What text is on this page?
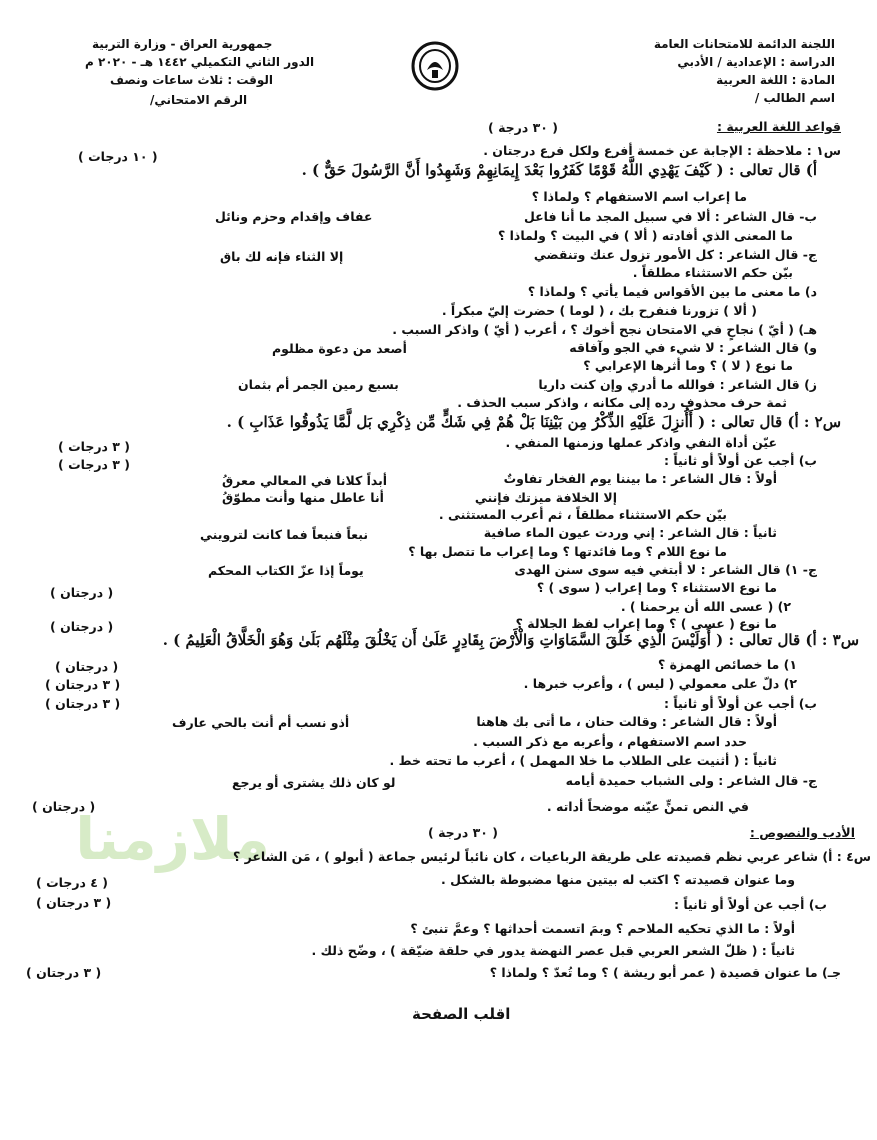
اللجنة الدائمة للامتحانات العامة
الدراسة : الإعدادية / الأدبي
المادة : اللغة العربية
اسم الطالب /
جمهورية العراق - وزارة التربية
الدور الثاني التكميلي ١٤٤٢ هـ - ٢٠٢٠ م
الوقت : ثلاث ساعات ونصف
الرقم الامتحاني/
قواعد اللغة العربية :
( ٣٠ درجة )
س١ : ملاحظة : الإجابة عن خمسة أفرع ولكل فرع درجتان .
( ١٠ درجات )
أ) قال تعالى : ( كَيْفَ يَهْدِي اللَّهُ قَوْمًا كَفَرُوا بَعْدَ إِيمَانِهِمْ وَشَهِدُوا أَنَّ الرَّسُولَ حَقٌّ ) .
ما إعراب اسم الاستفهام ؟ ولماذا ؟
ب- قال الشاعر : ألا في سبيل المجد ما أنا فاعل
عفاف وإقدام وحزم ونائل
ما المعنى الذي أفادته ( ألا ) في البيت ؟ ولماذا ؟
ج- قال الشاعر : كل الأمور تزول عنك وتنقضي
إلا الثناء فإنه لك باق
بيّن حكم الاستثناء مطلقاً .
د) ما معنى ما بين الأقواس فيما يأتي ؟ ولماذا ؟
( ألا ) تزورنا فنفرح بك ، ( لوما ) حضرت إليّ مبكراً .
هـ) ( أيّ ) نجاحٍ في الامتحان نجح أخوك ؟ ، أعرب ( أيّ ) واذكر السبب .
و) قال الشاعر : لا شيء في الجو وآفاقه
أصعد من دعوة مظلوم
ما نوع ( لا ) ؟ وما أثرها الإعرابي ؟
ز) قال الشاعر : فوالله ما أدري وإن كنت داريا
بسبع رمين الجمر أم بثمان
ثمة حرف محذوف رده إلى مكانه ، واذكر سبب الحذف .
س٢ : أ) قال تعالى : ( أَأُنزِلَ عَلَيْهِ الذِّكْرُ مِن بَيْنِنَا بَلْ هُمْ فِي شَكٍّ مِّن ذِكْرِي بَل لَّمَّا يَذُوقُوا عَذَابِ ) .
عيّن أداة النفي واذكر عملها وزمنها المنفي .
( ٣ درجات )
ب) أجب عن أولاً أو ثانياً :
( ٣ درجات )
أولاً : قال الشاعر : ما بيننا يوم الفخار تفاوتٌ
أبداً كلانا في المعالي معرقُ
إلا الخلافة ميزتك فإنني
أنا عاطل منها وأنت مطوّقُ
بيّن حكم الاستثناء مطلقاً ، ثم أعرب المستثنى .
ثانياً : قال الشاعر : إني وردت عيون الماء صافية
نبعاً فنبعاً فما كانت لترويني
ما نوع اللام ؟ وما فائدتها ؟ وما إعراب ما تتصل بها ؟
ج- ١) قال الشاعر : لا أبتغي فيه سوى سنن الهدى
يوماً إذا عزّ الكتاب المحكم
ما نوع الاستثناء ؟ وما إعراب ( سوى ) ؟
( درجتان )
٢) ( عسى الله أن يرحمنا ) .
ما نوع ( عسى ) ؟ وما إعراب لفظ الجلالة ؟
( درجتان )
س٣ : أ) قال تعالى : ( أَوَلَيْسَ الَّذِي خَلَقَ السَّمَاوَاتِ وَالْأَرْضَ بِقَادِرٍ عَلَىٰ أَن يَخْلُقَ مِثْلَهُم بَلَىٰ وَهُوَ الْخَلَّاقُ الْعَلِيمُ ) .
١) ما خصائص الهمزة ؟
( درجتان )
٢) دلّ على معمولي ( ليس ) ، وأعرب خبرها .
( ٣ درجتان )
ب) أجب عن أولاً أو ثانياً :
( ٣ درجتان )
أولاً : قال الشاعر : وقالت حنان ، ما أتى بك هاهنا
أذو نسب أم أنت بالحي عارف
حدد اسم الاستفهام ، وأعربه مع ذكر السبب .
ثانياً : ( أثنيت على الطلاب ما خلا المهمل ) ، أعرب ما تحته خط .
ج- قال الشاعر : ولى الشباب حميدة أيامه
لو كان ذلك يشترى أو يرجع
في النص تمنٍّ عيّنه موضحاً أداته .
( درجتان )
الأدب والنصوص :
( ٣٠ درجة )
ملازمنا
س٤ : أ) شاعر عربي نظم قصيدته على طريقة الرباعيات ، كان نائباً لرئيس جماعة ( أبولو ) ، مَن الشاعر ؟
وما عنوان قصيدته ؟ اكتب له بيتين منها مضبوطة بالشكل .
( ٤ درجات )
ب) أجب عن أولاً أو ثانياً :
( ٣ درجتان )
أولاً : ما الذي تحكيه الملاحم ؟ وبمَ اتسمت أحداثها ؟ وعمَّ تنبئ ؟
ثانياً : ( ظلّ الشعر العربي قبل عصر النهضة يدور في حلقة ضيّقة ) ، وضّح ذلك .
جـ) ما عنوان قصيدة ( عمر أبو ريشة ) ؟ وما تُعدّ ؟ ولماذا ؟
( ٣ درجتان )
اقلب الصفحة
